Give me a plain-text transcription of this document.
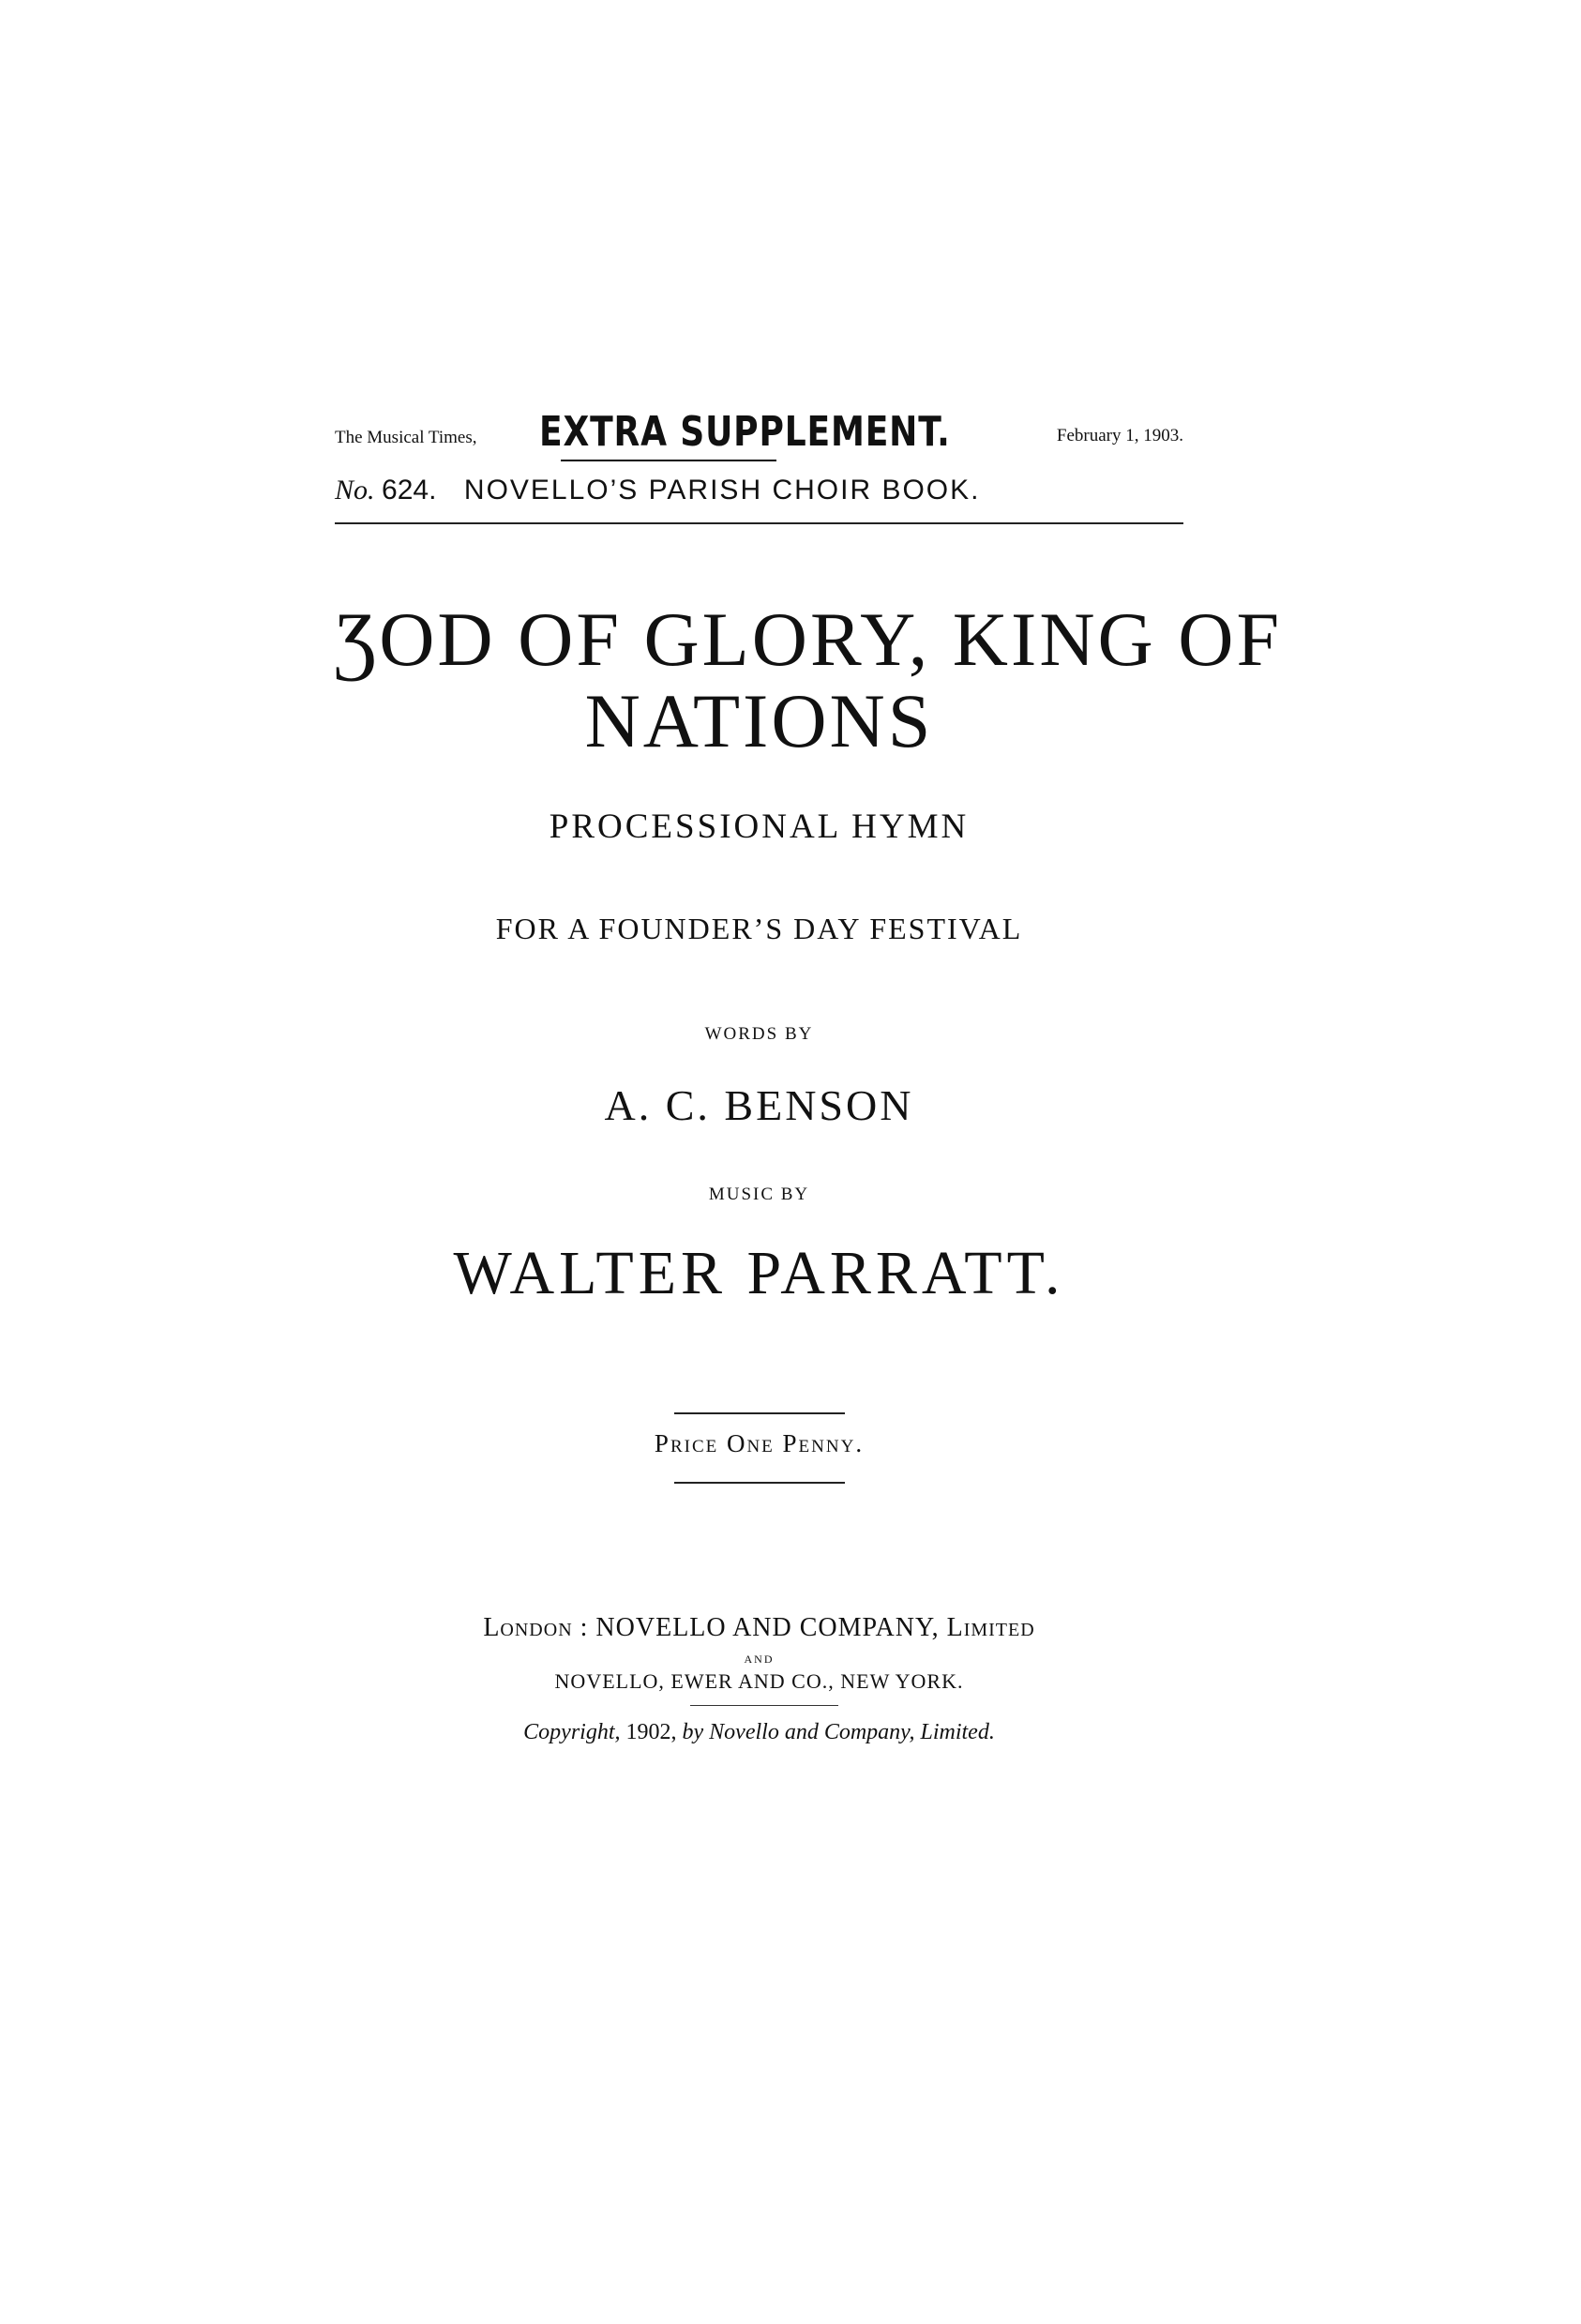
The Musical Times, EXTRA SUPPLEMENT.	February 1, 1903.
No. 624. NOVELLO’S PARISH CHOIR BOOK.
ƷOD OF GLORY, KING OF
NATIONS
PROCESSIONAL HYMN
FOR A FOUNDER’S DAY FESTIVAL
WORDS BY
A. C. BENSON
MUSIC BY
WALTER PARRATT.
Price One Penny.
London : NOVELLO AND COMPANY, Limited
AND
NOVELLO, EWER AND CO., NEW YORK.
Copyright, 1902, by Novello and Company, Limited.
